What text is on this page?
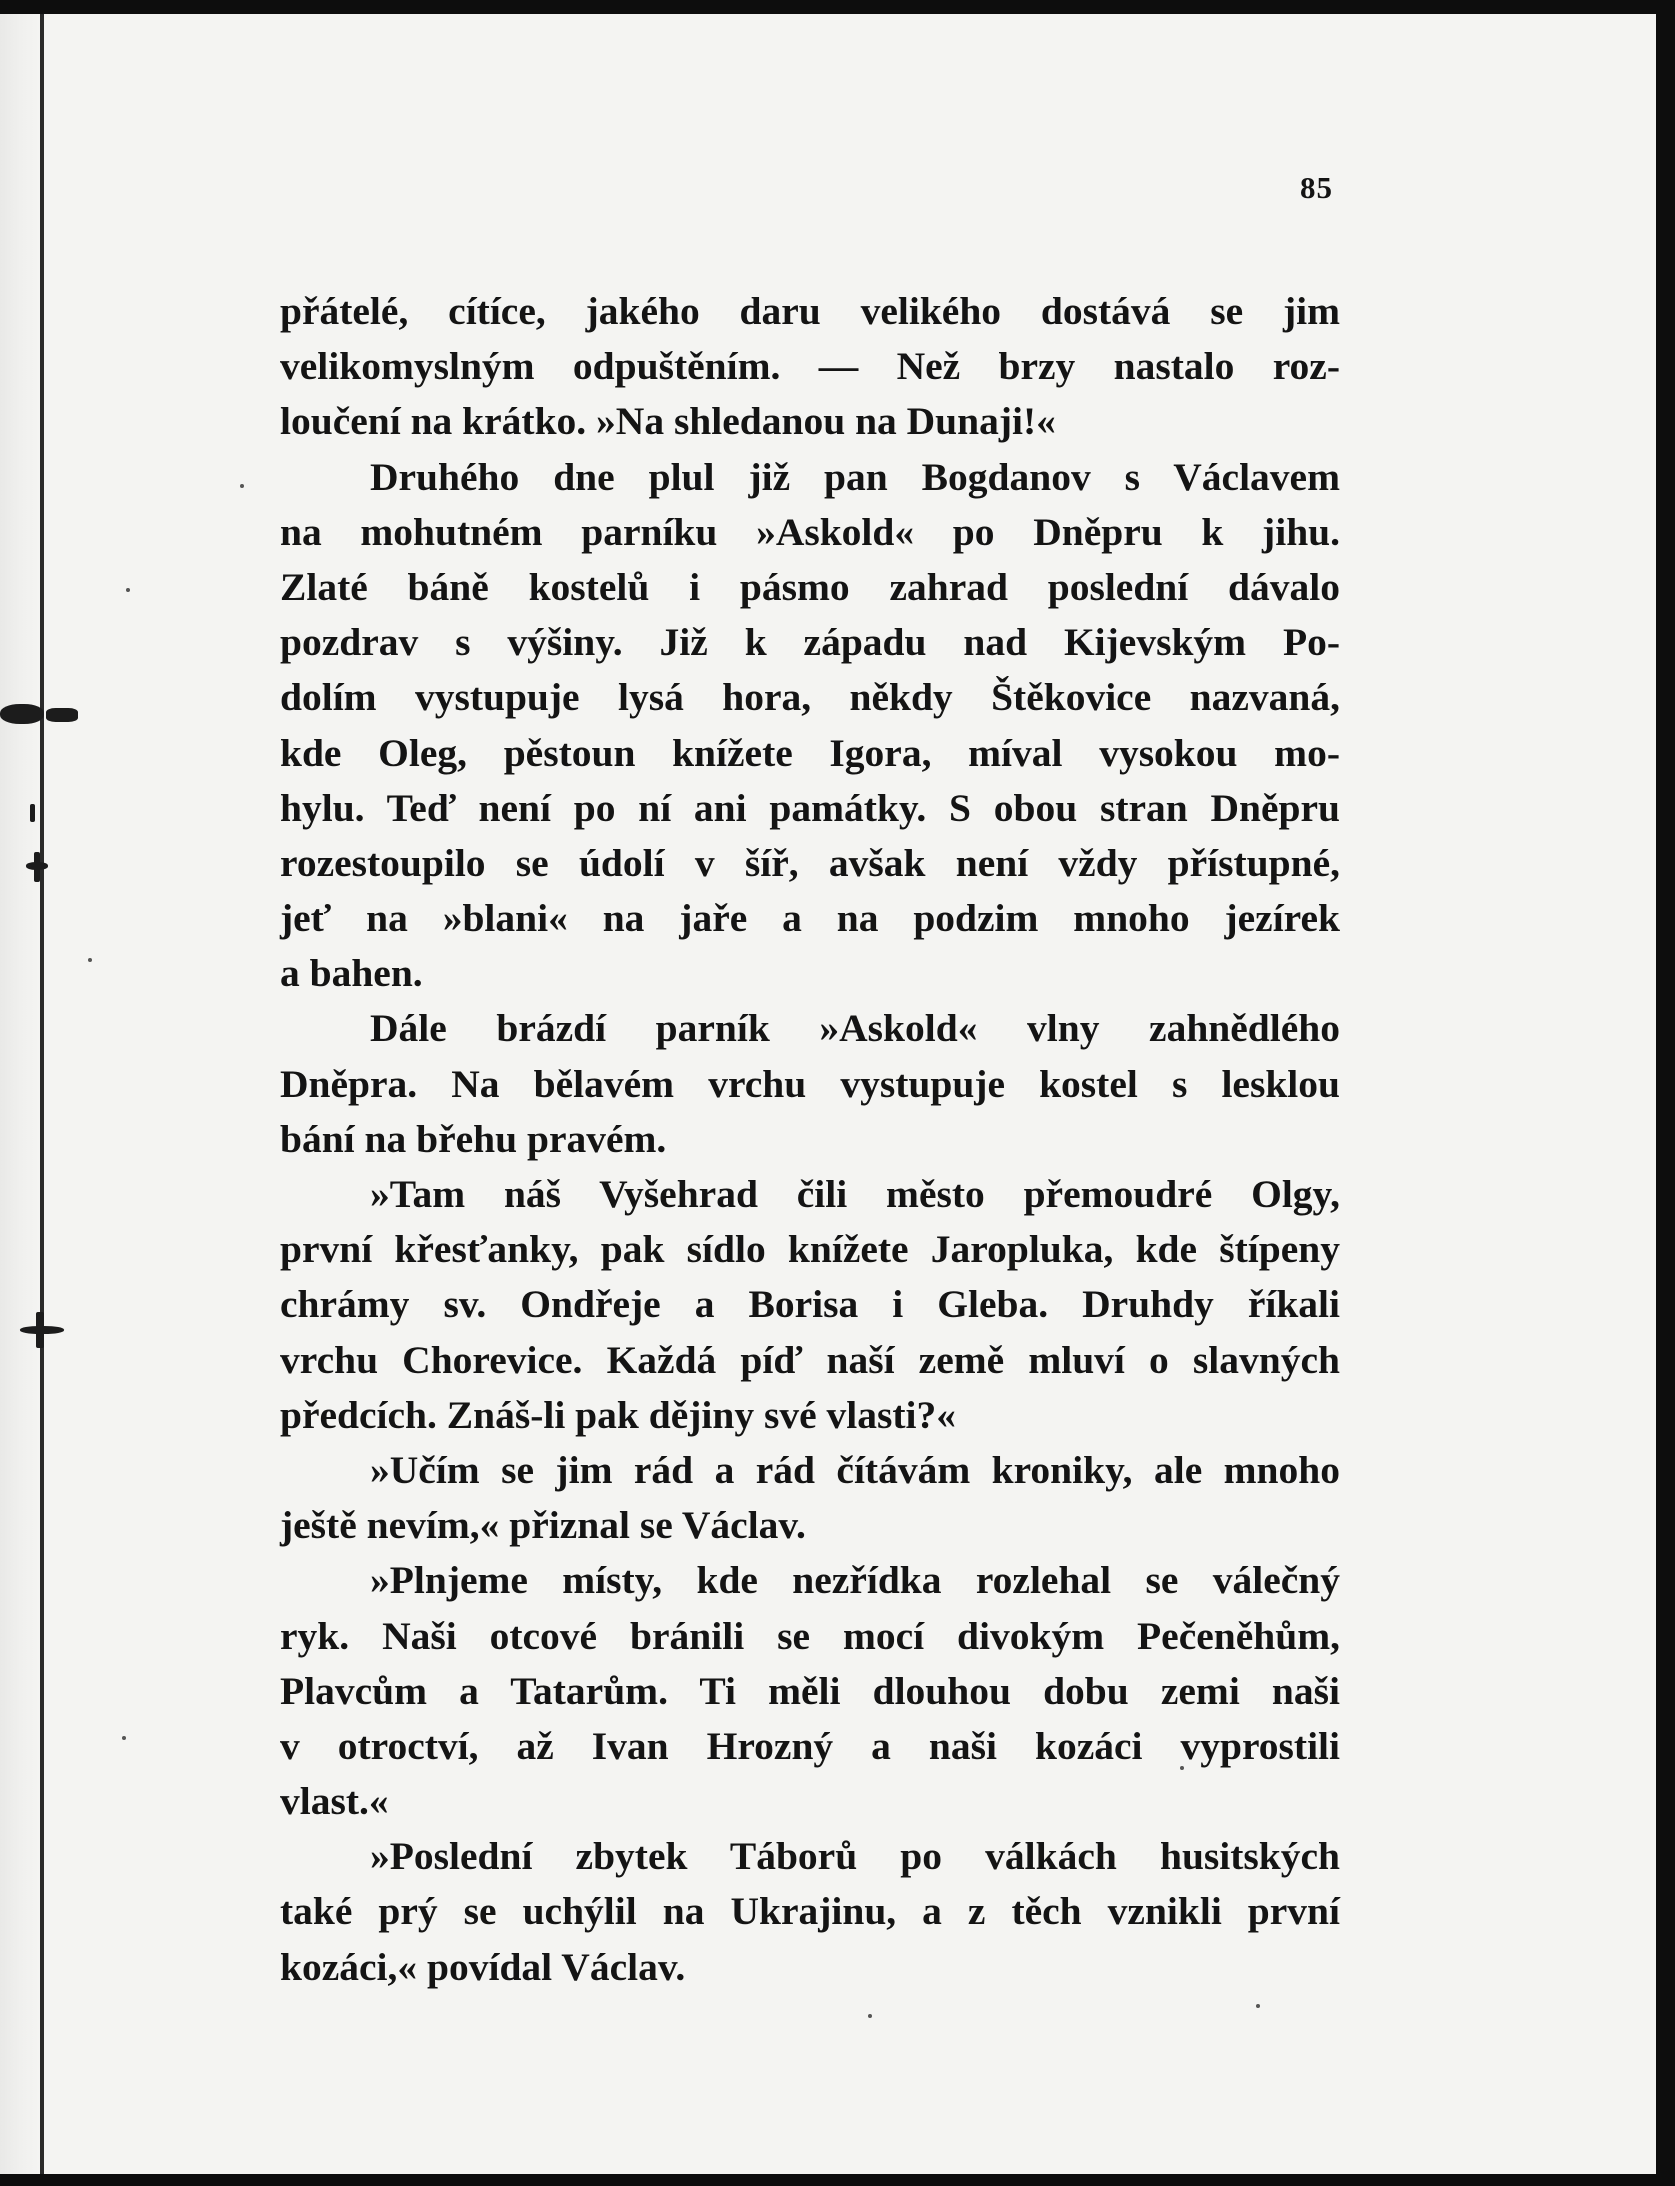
85
přátelé, cítíce, jakého daru velikého dostává se jim
velikomyslným odpuštěním. — Než brzy nastalo roz-
loučení na krátko. »Na shledanou na Dunaji!«
Druhého dne plul již pan Bogdanov s Václavem
na mohutném parníku »Askold« po Dněpru k jihu.
Zlaté báně kostelů i pásmo zahrad poslední dávalo
pozdrav s výšiny. Již k západu nad Kijevským Po-
dolím vystupuje lysá hora, někdy Štěkovice nazvaná,
kde Oleg, pěstoun knížete Igora, míval vysokou mo-
hylu. Teď není po ní ani památky. S obou stran Dněpru
rozestoupilo se údolí v šíř, avšak není vždy přístupné,
jeť na »blani« na jaře a na podzim mnoho jezírek
a bahen.
Dále brázdí parník »Askold« vlny zahnědlého
Dněpra. Na bělavém vrchu vystupuje kostel s lesklou
bání na břehu pravém.
»Tam náš Vyšehrad čili město přemoudré Olgy,
první křesťanky, pak sídlo knížete Jaropluka, kde štípeny
chrámy sv. Ondřeje a Borisa i Gleba. Druhdy říkali
vrchu Chorevice. Každá píď naší země mluví o slavných
předcích. Znáš-li pak dějiny své vlasti?«
»Učím se jim rád a rád čítávám kroniky, ale mnoho
ještě nevím,« přiznal se Václav.
»Plnjeme místy, kde nezřídka rozlehal se válečný
ryk. Naši otcové bránili se mocí divokým Pečeněhům,
Plavcům a Tatarům. Ti měli dlouhou dobu zemi naši
v otroctví, až Ivan Hrozný a naši kozáci vyprostili
vlast.«
»Poslední zbytek Táborů po válkách husitských
také prý se uchýlil na Ukrajinu, a z těch vznikli první
kozáci,« povídal Václav.
